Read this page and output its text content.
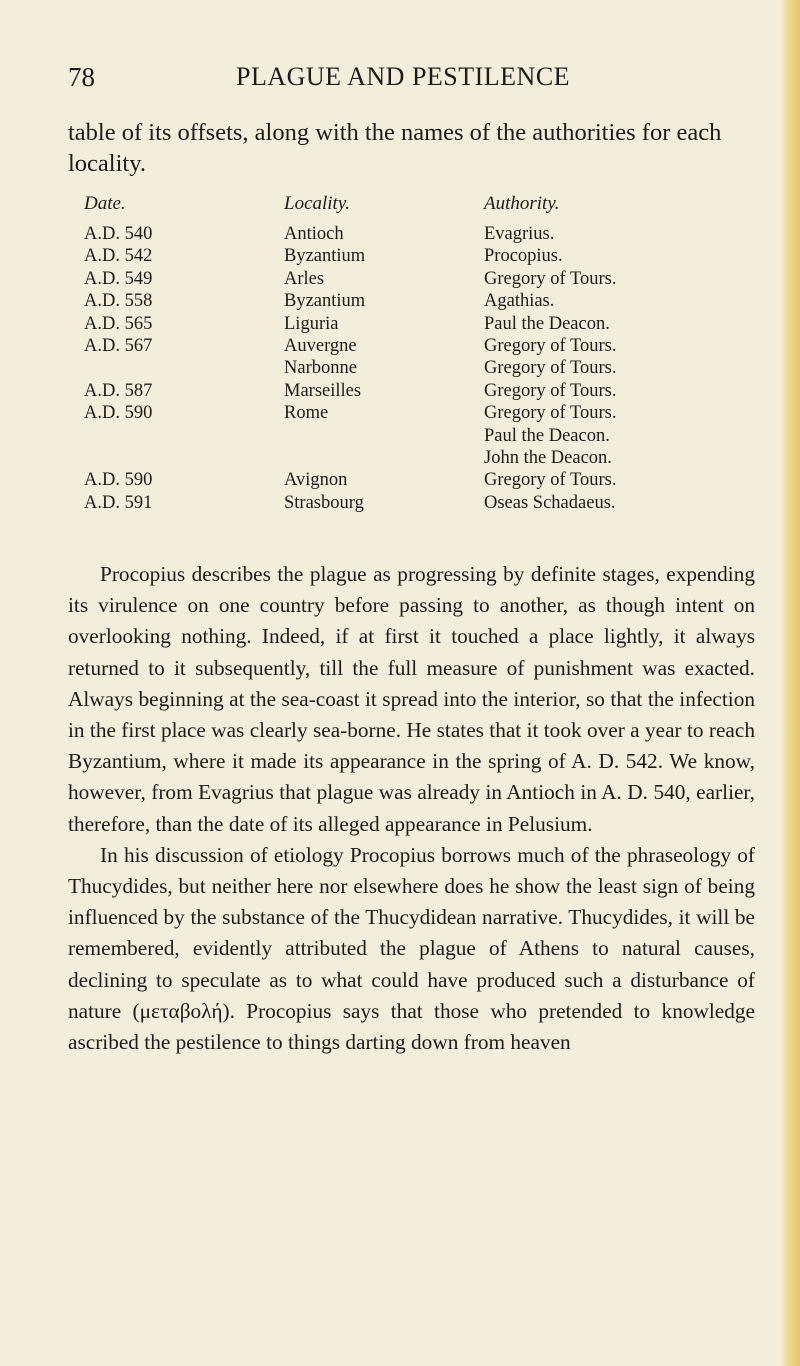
78	PLAGUE AND PESTILENCE
table of its offsets, along with the names of the authorities for each locality.
Date.	Locality.	Authority.
A.D. 540	Antioch	Evagrius.
A.D. 542	Byzantium	Procopius.
A.D. 549	Arles	Gregory of Tours.
A.D. 558	Byzantium	Agathias.
A.D. 565	Liguria	Paul the Deacon.
A.D. 567	Auvergne	Gregory of Tours.
	Narbonne	Gregory of Tours.
A.D. 587	Marseilles	Gregory of Tours.
A.D. 590	Rome	Gregory of Tours.
		Paul the Deacon.
		John the Deacon.
A.D. 590	Avignon	Gregory of Tours.
A.D. 591	Strasbourg	Oseas Schadaeus.

Procopius describes the plague as progressing by definite stages, expending its virulence on one country before passing to another, as though intent on overlooking nothing. Indeed, if at first it touched a place lightly, it always returned to it subsequently, till the full measure of punishment was exacted. Always beginning at the sea-coast it spread into the interior, so that the infection in the first place was clearly sea-borne. He states that it took over a year to reach Byzantium, where it made its appearance in the spring of A. D. 542. We know, however, from Evagrius that plague was already in Antioch in A. D. 540, earlier, therefore, than the date of its alleged appearance in Pelusium.

In his discussion of etiology Procopius borrows much of the phraseology of Thucydides, but neither here nor elsewhere does he show the least sign of being influenced by the substance of the Thucydidean narrative. Thucydides, it will be remembered, evidently attributed the plague of Athens to natural causes, declining to speculate as to what could have produced such a disturbance of nature (μεταβολή). Procopius says that those who pretended to knowledge ascribed the pestilence to things darting down from heaven
